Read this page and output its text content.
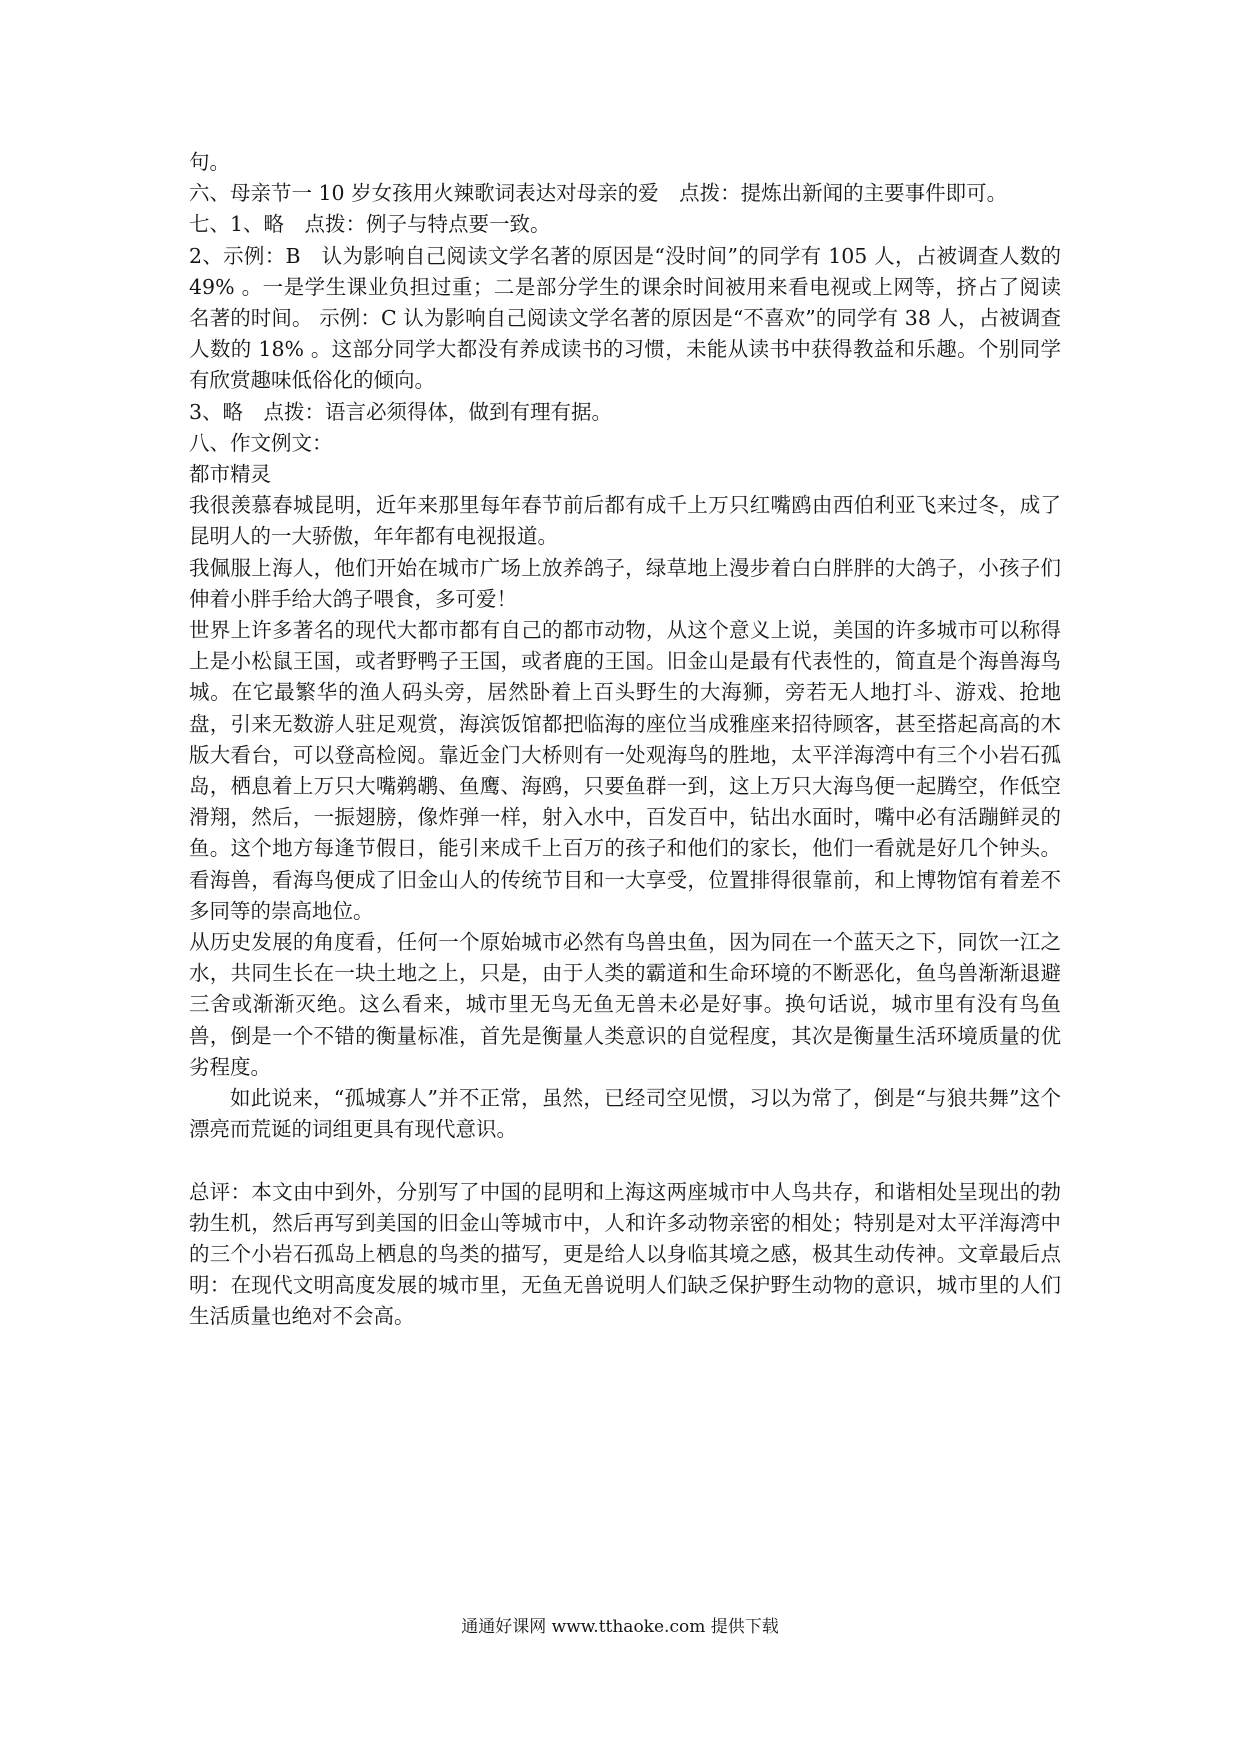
句。

六、母亲节一 10 岁女孩用火辣歌词表达对母亲的爱　点拨：提炼出新闻的主要事件即可。

七、1、略　点拨：例子与特点要一致。

2、示例：B　认为影响自己阅读文学名著的原因是“没时间”的同学有 105 人，占被调查人数的 49% 。一是学生课业负担过重；二是部分学生的课余时间被用来看电视或上网等，挤占了阅读名著的时间。 示例：C 认为影响自己阅读文学名著的原因是“不喜欢”的同学有 38 人，占被调查人数的 18% 。这部分同学大都没有养成读书的习惯，未能从读书中获得教益和乐趣。个别同学有欣赏趣味低俗化的倾向。

3、略　点拨：语言必须得体，做到有理有据。

八、作文例文：

都市精灵

我很羡慕春城昆明，近年来那里每年春节前后都有成千上万只红嘴鸥由西伯利亚飞来过冬，成了昆明人的一大骄傲，年年都有电视报道。

我佩服上海人，他们开始在城市广场上放养鸽子，绿草地上漫步着白白胖胖的大鸽子，小孩子们伸着小胖手给大鸽子喂食，多可爱！

世界上许多著名的现代大都市都有自己的都市动物，从这个意义上说，美国的许多城市可以称得上是小松鼠王国，或者野鸭子王国，或者鹿的王国。旧金山是最有代表性的，简直是个海兽海鸟城。在它最繁华的渔人码头旁，居然卧着上百头野生的大海狮，旁若无人地打斗、游戏、抢地盘，引来无数游人驻足观赏，海滨饭馆都把临海的座位当成雅座来招待顾客，甚至搭起高高的木版大看台，可以登高检阅。靠近金门大桥则有一处观海鸟的胜地，太平洋海湾中有三个小岩石孤岛，栖息着上万只大嘴鹈鹕、鱼鹰、海鸥，只要鱼群一到，这上万只大海鸟便一起腾空，作低空滑翔，然后，一振翅膀，像炸弹一样，射入水中，百发百中，钻出水面时，嘴中必有活蹦鲜灵的鱼。这个地方每逢节假日，能引来成千上百万的孩子和他们的家长，他们一看就是好几个钟头。看海兽，看海鸟便成了旧金山人的传统节目和一大享受，位置排得很靠前，和上博物馆有着差不多同等的崇高地位。

从历史发展的角度看，任何一个原始城市必然有鸟兽虫鱼，因为同在一个蓝天之下，同饮一江之水，共同生长在一块土地之上，只是，由于人类的霸道和生命环境的不断恶化，鱼鸟兽渐渐退避三舍或渐渐灭绝。这么看来，城市里无鸟无鱼无兽未必是好事。换句话说，城市里有没有鸟鱼兽，倒是一个不错的衡量标准，首先是衡量人类意识的自觉程度，其次是衡量生活环境质量的优劣程度。

如此说来，“孤城寡人”并不正常，虽然，已经司空见惯，习以为常了，倒是“与狼共舞”这个漂亮而荒诞的词组更具有现代意识。

总评：本文由中到外，分别写了中国的昆明和上海这两座城市中人鸟共存，和谐相处呈现出的勃勃生机，然后再写到美国的旧金山等城市中，人和许多动物亲密的相处；特别是对太平洋海湾中的三个小岩石孤岛上栖息的鸟类的描写，更是给人以身临其境之感，极其生动传神。文章最后点明：在现代文明高度发展的城市里，无鱼无兽说明人们缺乏保护野生动物的意识，城市里的人们生活质量也绝对不会高。

通通好课网 www.tthaoke.com 提供下载
